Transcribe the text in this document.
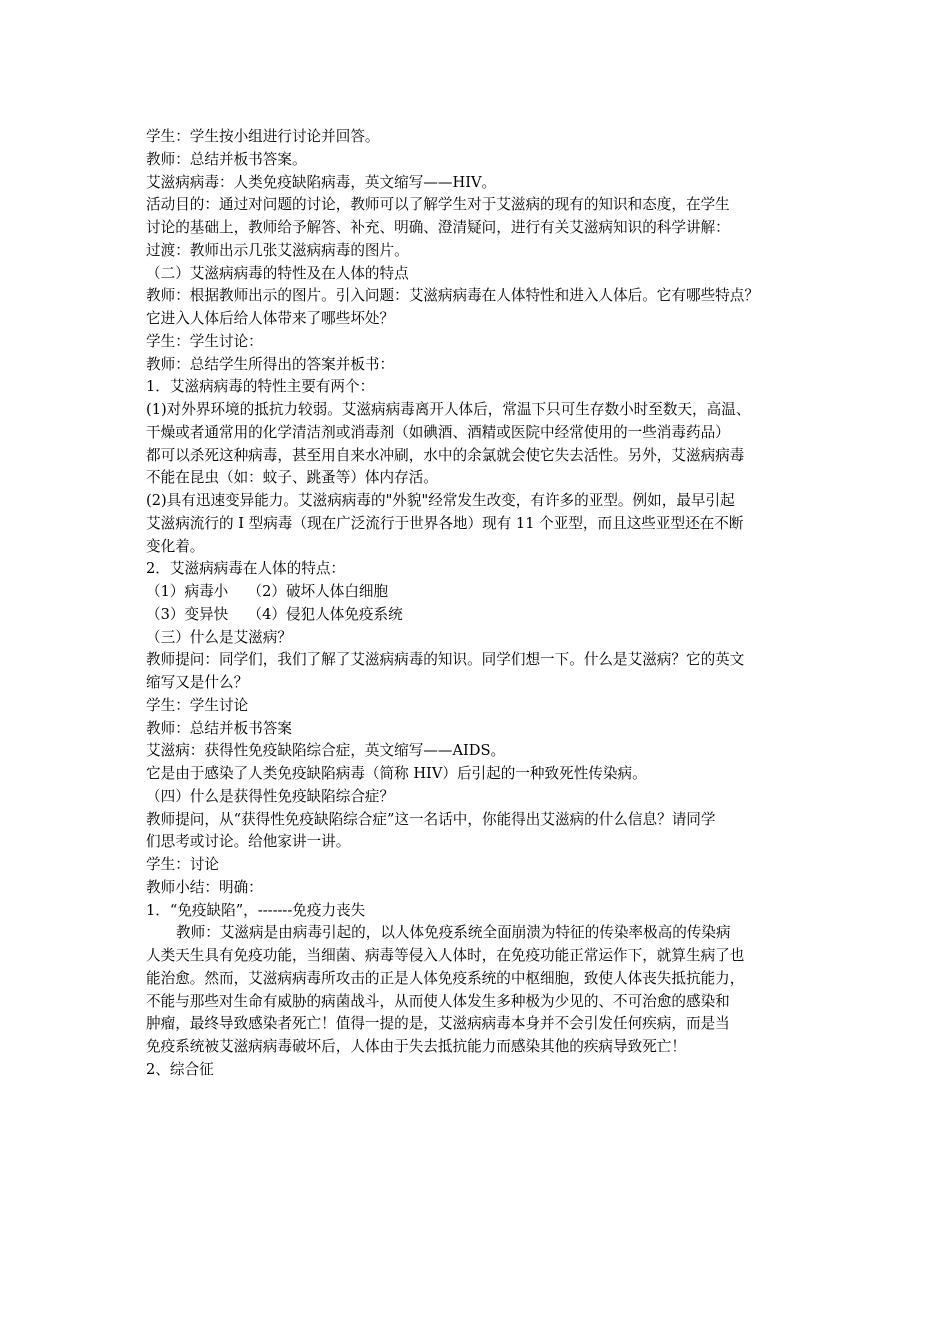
学生：学生按小组进行讨论并回答。
教师：总结并板书答案。
艾滋病病毒：人类免疫缺陷病毒，英文缩写——HIV。
活动目的：通过对问题的讨论，教师可以了解学生对于艾滋病的现有的知识和态度，在学生
讨论的基础上，教师给予解答、补充、明确、澄清疑问，进行有关艾滋病知识的科学讲解：
过渡：教师出示几张艾滋病病毒的图片。
（二）艾滋病病毒的特性及在人体的特点
教师：根据教师出示的图片。引入问题：艾滋病病毒在人体特性和进入人体后。它有哪些特点？
它进入人体后给人体带来了哪些坏处？
学生：学生讨论：
教师：总结学生所得出的答案并板书：
1．艾滋病病毒的特性主要有两个：
(1)对外界环境的抵抗力较弱。艾滋病病毒离开人体后，常温下只可生存数小时至数天，高温、
干燥或者通常用的化学清洁剂或消毒剂（如碘酒、酒精或医院中经常使用的一些消毒药品）
都可以杀死这种病毒，甚至用自来水冲刷，水中的余氯就会使它失去活性。另外，艾滋病病毒
不能在昆虫（如：蚊子、跳蚤等）体内存活。
(2)具有迅速变异能力。艾滋病病毒的"外貌"经常发生改变，有许多的亚型。例如，最早引起
艾滋病流行的 I 型病毒（现在广泛流行于世界各地）现有 11 个亚型，而且这些亚型还在不断
变化着。
2．艾滋病病毒在人体的特点：
（1）病毒小　 （2）破坏人体白细胞
（3）变异快　 （4）侵犯人体免疫系统
（三）什么是艾滋病？
教师提问：同学们，我们了解了艾滋病病毒的知识。同学们想一下。什么是艾滋病？它的英文
缩写又是什么？
学生：学生讨论
教师：总结并板书答案
艾滋病：获得性免疫缺陷综合症，英文缩写——AIDS。
它是由于感染了人类免疫缺陷病毒（简称 HIV）后引起的一种致死性传染病。
（四）什么是获得性免疫缺陷综合症？
教师提问，从“获得性免疫缺陷综合症”这一名话中，你能得出艾滋病的什么信息？请同学
们思考或讨论。给他家讲一讲。
学生：讨论
教师小结：明确：
1．“免疫缺陷”，-------免疫力丧失
教师：艾滋病是由病毒引起的，以人体免疫系统全面崩溃为特征的传染率极高的传染病
人类天生具有免疫功能，当细菌、病毒等侵入人体时，在免疫功能正常运作下，就算生病了也
能治愈。然而，艾滋病病毒所攻击的正是人体免疫系统的中枢细胞，致使人体丧失抵抗能力，
不能与那些对生命有威胁的病菌战斗，从而使人体发生多种极为少见的、不可治愈的感染和
肿瘤，最终导致感染者死亡！值得一提的是，艾滋病病毒本身并不会引发任何疾病，而是当
免疫系统被艾滋病病毒破坏后，人体由于失去抵抗能力而感染其他的疾病导致死亡！
2、综合征
